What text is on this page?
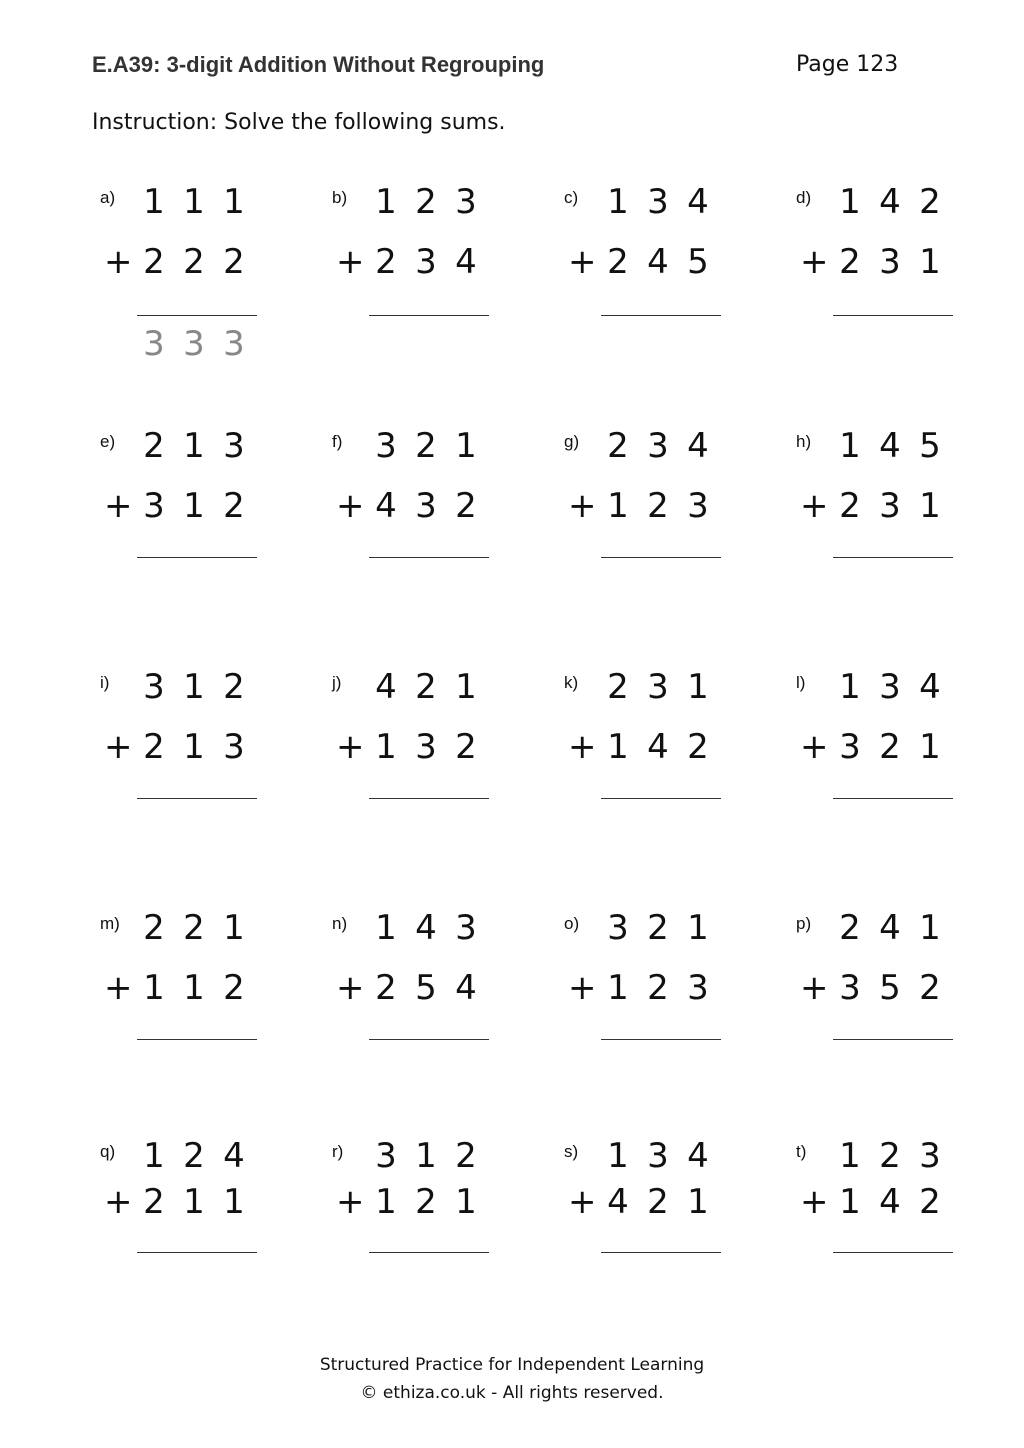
E.A39: 3-digit Addition Without Regrouping	Page 123
Instruction: Solve the following sums.
a) 1 1 1
+ 2 2 2
3 3 3
b) 1 2 3
+ 2 3 4
c) 1 3 4
+ 2 4 5
d) 1 4 2
+ 2 3 1
e) 2 1 3
+ 3 1 2
f) 3 2 1
+ 4 3 2
g) 2 3 4
+ 1 2 3
h) 1 4 5
+ 2 3 1
i) 3 1 2
+ 2 1 3
j) 4 2 1
+ 1 3 2
k) 2 3 1
+ 1 4 2
l) 1 3 4
+ 3 2 1
m) 2 2 1
+ 1 1 2
n) 1 4 3
+ 2 5 4
o) 3 2 1
+ 1 2 3
p) 2 4 1
+ 3 5 2
q) 1 2 4
+ 2 1 1
r) 3 1 2
+ 1 2 1
s) 1 3 4
+ 4 2 1
t) 1 2 3
+ 1 4 2
Structured Practice for Independent Learning
© ethiza.co.uk - All rights reserved.
